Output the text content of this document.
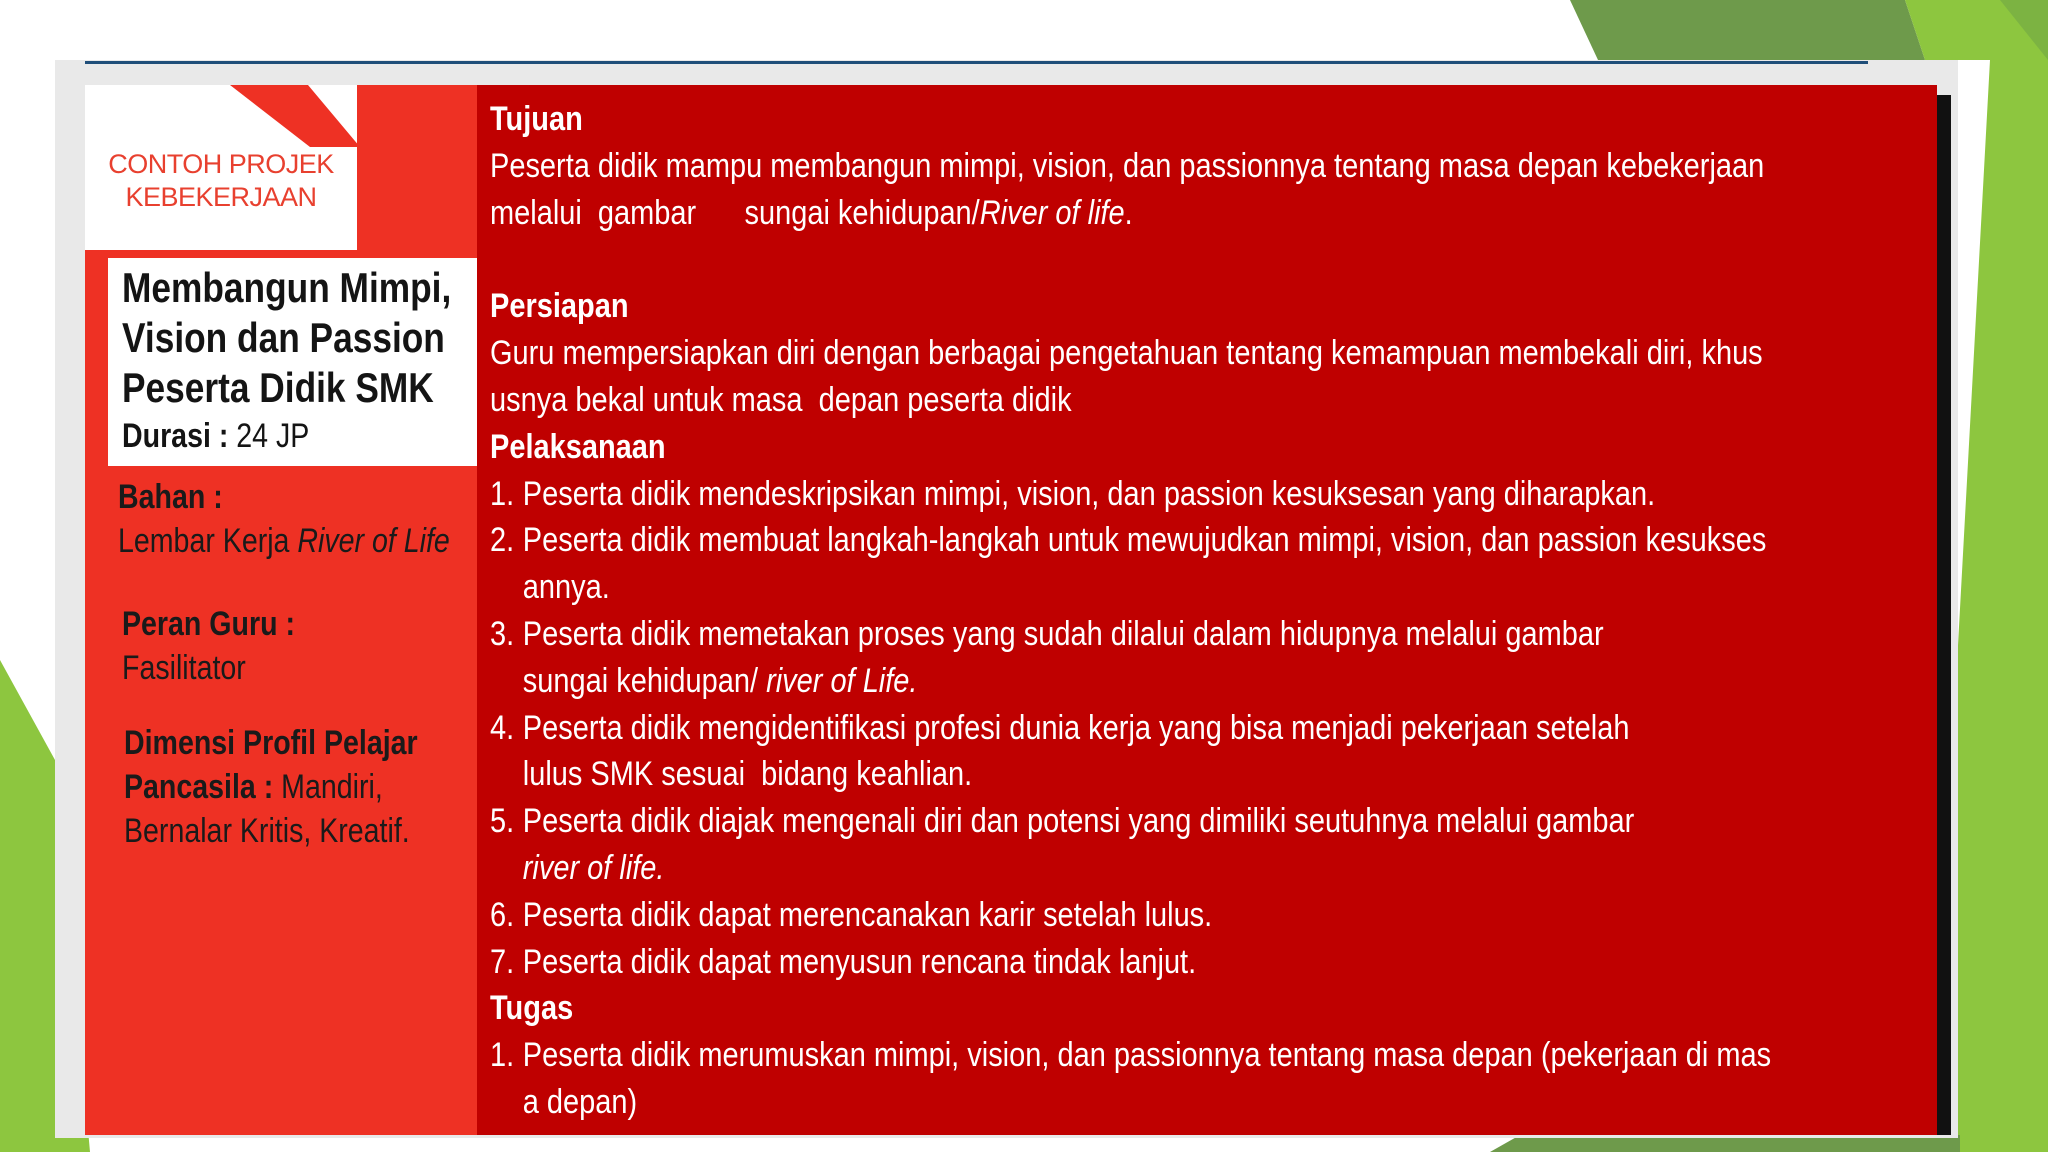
CONTOH PROJEK
KEBEKERJAAN
Membangun Mimpi,
Vision dan Passion
Peserta Didik SMK
Durasi : 24 JP
Bahan :
Lembar Kerja River of Life
Peran Guru :
Fasilitator
Dimensi Profil Pelajar
Pancasila : Mandiri,
Bernalar Kritis, Kreatif.
Tujuan
Peserta didik mampu membangun mimpi, vision, dan passionnya tentang masa depan kebekerjaan
melalui  gambar      sungai kehidupan/River of life.
Persiapan
Guru mempersiapkan diri dengan berbagai pengetahuan tentang kemampuan membekali diri, khus
usnya bekal untuk masa  depan peserta didik
Pelaksanaan
1. Peserta didik mendeskripsikan mimpi, vision, dan passion kesuksesan yang diharapkan.
2. Peserta didik membuat langkah-langkah untuk mewujudkan mimpi, vision, dan passion kesukses
annya.
3. Peserta didik memetakan proses yang sudah dilalui dalam hidupnya melalui gambar
sungai kehidupan/ river of Life.
4. Peserta didik mengidentifikasi profesi dunia kerja yang bisa menjadi pekerjaan setelah
lulus SMK sesuai  bidang keahlian.
5. Peserta didik diajak mengenali diri dan potensi yang dimiliki seutuhnya melalui gambar
river of life.
6. Peserta didik dapat merencanakan karir setelah lulus.
7. Peserta didik dapat menyusun rencana tindak lanjut.
Tugas
1. Peserta didik merumuskan mimpi, vision, dan passionnya tentang masa depan (pekerjaan di mas
a depan)
